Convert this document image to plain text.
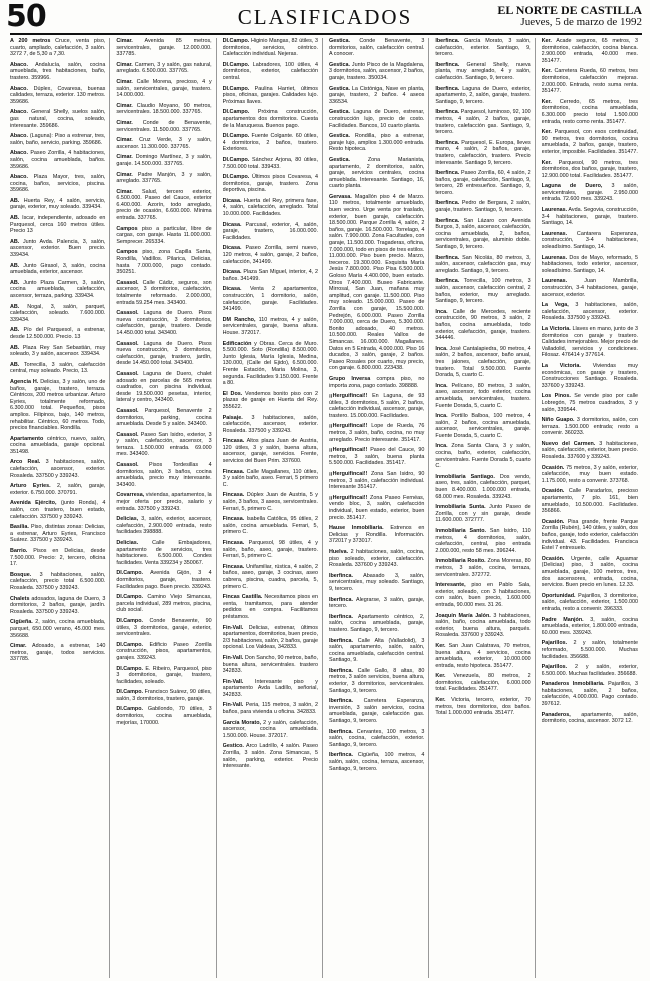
50	CLASIFICADOS	EL NORTE DE CASTILLA
Jueves, 5 de marzo de 1992

A 200 metros Cruce, venta piso, cuarto, ampliado, calefacción, 3 salón. 3272 7, de 5,30 a 7,30.

Abaco. Andalucía, salón, cocina amueblada, tres habitaciones, baño, trastero. 359966.

Abaco. Dúplex, Covaresa, buenas calidades, terraza, exterior. 130 metros. 359686.

Abaco. General Shelly, suelos salón, gas natural, cocina, soleado, interesante. 359686.

Abaco. (Laguna): Piso a estrenar, tres, salón, baño, servicio, parking. 359686.

Abaco. Paseo Zorrilla, 4 habitaciones, salón, cocina amueblada, baños. 359686.

Abaco. Plaza Mayor, tres, salón, cocina, baños, servicios, piscina. 359686.

AB. Huerta Rey, 4 salón, servicio, garaje, exterior, muy soleado. 339434.

AB. Iscar, independiente, adosado en Parquesol, cerca 160 metros útiles. Precio 13

AB. Junto Avda. Palencia, 3, salón, ascensor, exterior. Buen precio. 339434.

AB. Junto Girasol, 3, salón, cocina amueblada, exterior, ascensor.

AB. Junto Plaza Carmen, 3, salón, cocina amueblada, calefacción, ascensor, terraza, parking. 339434.

AB. Nogal, 3, salón, parquet, calefacción, soleado. 7.600.000. 339434.

AB. Pío del Parquesol, a estrenar, desde 12.500.000. Precio. 13

AB. Plaza Rey San Sebastián, muy soleado, 3 y salón, ascensor. 339434.

AB. Torrecilla, 3 salón, calefacción central, muy soleado. Precio, 13.

Agencia H. Delicias, 3 y salón, uno de baños, garaje, trastero, terraza. Céntricos, 200 metros urbanizar. Arturo Eyries, totalmente reformado, 6.300.000 total. Pequeños, pisos amplios. Filipinos, bajo, 140 metros, rehabilitar. Céntrico, 60 metros. Todo, precios financiables. Rondilla.

Apartamento céntrico, nuevo, salón, cocina amueblada, garaje opcional. 351498.

Arco Real. 3 habitaciones, salón, calefacción, ascensor, exterior. Rosaleda. 337500 y 339243.

Arturo Eyries. 2, salón, garaje, exterior. 6.750.000. 370791.

Avenida Ejército, (junto Ronda), 4 salón, con trastero, buen estado, calefacción. 337500 y 339243.

Basilia. Piso, distintas zonas: Delicias, a estrenar, Arturo Eyries, Francisco Suárez. 337500 y 339243.

Barrio. Pisos en Delicias, desde 7.500.000. Precio: 2, tercero, oficina 17.

Bosque. 3 habitaciones, salón, calefacción, precio total 6.500.000. Rosaleda. 337500 y 339243.

Chalets adosados, laguna de Duero, 3 dormitorios, 2 baños, garaje, jardín. Rosaleda. 337500 y 339243.

Cigüeña. 2, salón, cocina amueblada, parquet, 650.000 verano, 45.000 mes. 356688.

Cimar. Adosado, a estrenar, 140 metros, garaje, todos servicios. 337785.

Cimar. Avenida 85 metros, servicentrales, garaje. 12.000.000. 337785.

Cimar. Carmen, 3 y salón, gas natural, arreglado. 6.500.000. 337765.

Cimar. Calle Morena, precioso, 4 y salón, servicentrales, garaje, trastero. 14.000.000.

Cimar. Claudio Moyano, 90 metros, servicentrales. 18.500.000. 337765.

Cimar. Conde de Benavente, servicentrales. 11.500.000. 337765.

Cimar. Cruz Verde, 3 y salón, ascensor. 11.300.000. 337765.

Cimar. Domingo Martínez, 3 y salón, garaje. 14.500.000. 337765.

Cimar. Padre Manjón, 3 y salón, arreglado. 337765.

Cimar. Salud, tercero exterior, 6.500.000. Paseo del Cauce, exterior 6.400.000. Azorín, todo arreglado, precio de ocasión, 6.600.000. Mínima entrada. 337765.

Campos piso a particular, libre de cargas, con garaje. Hasta 11.000.000. Semprecer. 265334.

Campos piso, zona Capilla Santa, Rondilla, Vadillos. Pilarica, Delicias, hasta 7.000.000, pago contado. 350251.

Casasol. Calle Cádiz, seguros, son ascensor, 3 dormitorios, calefacción, totalmente reformado. 2.000.000, entrada 59.254 mes. 343400.

Casasol. Laguna de Duero. Pisos nueva construcción, 3 dormitorios, calefacción, garaje, trastero. Desde 14.450.000 total. 343400.

Casasol. Laguna de Duero. Pisos nueva construcción, 3 dormitorios, calefacción, garaje, trastero, jardín, desde 14.450.000 total. 343400.

Casasol. Laguna de Duero, chalet adosado en parcelas de 565 metros cuadrados, con piscina individual, desde 19.500.000 pesetas, interior, lateral y centro, 343400.

Casasol. Parquesol, Benavente 2 dormitorios, parking, cocina amueblada. Desde 5 y salón. 343400.

Casasol. Paseo San Isidro, exterior, 3 y salón, calefacción, ascensor, 3 terraza. 1.500.000 entrada. 69.000 mes. 343400.

Casasol. Pisos Tordesillas 4 dormitorios, salón, 3 baños, cocina amueblada, precio muy interesante. 343400.

Covarresa, viviendas, apartamentos, la mejor oferta por precio, salario y entrada. 337500 y 339243.

Delicias, 3, salón, exterior, ascensor, calefacción, 2.900.000 entrada, resto facilidades 398888.

Delicias. Calle Embajadores, apartamento de servicios, tres habitaciones. 6.500.000. Condes facilidades. Venta 339234 y 350067.

DI.Campo. Avenida Gijón, 3 4 dormitorios, garaje, trastero. Facilidades pago. Buen precio. 339243.

DI.Campo. Camino Viejo Simancas, parcela individual, 289 metros, piscina, club social.

DI.Campo. Conde Benavente, 90 útiles, 3 dormitorios, garaje, exterior, servicentrales.

DI.Campo. Edificio Paseo Zorrilla construcción, pisos, apartamentos, garajes. 339243.

DI.Campo. E. Ribeiro, Parquesol, piso 3 dormitorios, garaje, trastero, facilidades, soleado.

DI.Campo. Francisco Suárez, 90 útiles, salón, 3 dormitorios, trastero, garaje.

DI.Campo. Gabilondo, 70 útiles, 3 dormitorios, cocina amueblada, mejorías, 170000.

DI.Campo. Higinio Mangas, 82 útiles, 3 dormitorios, servicios, céntrico. Calefacción individual. Nejeras.

DI.Campo. Labradores, 100 útiles, 4 dormitorios, exterior, calefacción central.

DI.Campo. Paulina Harriet, últimos pisos, oficinas, garajes. Calidades lujo. Próximas llaves.

DI.Campo. Próxima construcción, apartamentos dos dormitorios. Cuesta de la Maruquesa. Buenos pago.

DI.Campo. Fuente Colgante. 60 útiles, 4 dormitorios, 2 baños, trastero. Exteriores.

DI.Campo. Sánchez Arjona, 80 útiles, 7.500.000 total. 339433.

DI.Campo. Últimos pisos Covaresa, 4 dormitorios, garaje, trastero. Zona deportiva, piscina.

Dicasa. Huerta del Rey, primera fase, 4, salón, calefacción, arreglado. Total 10.000.000. Facilidades.

Dicasa. Parcusal, exterior, 4, salón, garaje, trastero, 16.000.000. Facilidades.

Dicasa. Paseo Zorrilla, semi nuevo, 120 metros, 4 salón, garaje, 2 baños, calefacción, 341499.

Dicasa. Plaza San Miguel, interior, 4, 2 baños. 341499.

Dicasa. Venta 2 apartamentos, construcción, 1 dormitorio, salón, calefacción, garaje. Facilidades. 341499.

DM Rancho, 110 metros, 4 y salón, servicentrales, garaje, buena altura. House. 372017.

Edificación y Obras. Cerca de Muro. 5.500.000. Soto (Rondilla) 8.500.000. Junto Iglesia, María Iglesia, Medina, 130.000, (Calle del Ejido), 6.500.000. Frente Estación, Maria Molina, 3, segunda. Facilidades 9.150.000. Frente a 80.

El Dos. Vendemos bonito piso con 2 plazas de garaje en Huerta del Rey. 355622.

Paisaje. 3 habitaciones, salón, calefacción, ascensor, exterior. Rosaleda. 337500 y 339243.

Fincasa. Altos plaza Juan de Austria, 120 útiles, 3 y salón, buena altura, ascensor, garaje, servicios. Frente, servicios del Buen Prim. 337600.

Fincasa. Calle Magallanes, 110 útiles, 3 y salón baño, aseo. Ferrari, 5 primero C.

Fincasa. Dúplex Juan de Austria, 5 y salón, 3 baños, 3 aseos, servicentrales. Ferrari, 5, primero C.

Fincasa. Isabella Católica, 95 útiles, 2 salón, cocina amueblada. Ferrari, 5, primero C.

Fincasa. Parquesol, 98 útiles, 4 y salón, baño, aseo, garaje, trastero. Ferrari, 5, primero C.

Fincasa. Unifamiliar, rústica, 4 salón, 2 baños, aseo, garaje, 3 cocinas, aseo cabrera, piscina, cuadra, parcela, 5, primero C.

Fincas Castilla. Necesitamos pisos en venta, tramitamos, para atender pedidos en compra. Facilitamos préstamos.

Fin-Vall. Delicias, estrenar, últimos apartamentos, dormitorios, buen precio, 2/3 habitaciones, salón, 2 baños, garaje opcional. Los Valdeas, 342833.

Fin-Vall. Don Sancho, 90 metros, baño, buena altura, servicentrales. trastero 342833.

Fin-Vall. Interesante piso y apartamento Avda Ladillo, señorial, 342833.

Fin-Vall. Peria, 115 metros, 3 salón, 2 baños, para vivienda u oficina. 342833.

García Morato, 2 y salón, calefacción, ascensor, cocina amueblada. 1.500.000. House. 372017.

Gestico. Arco Ladrillo, 4 salón. Paseo Zorrilla, 3 salón. Zona Simancas, 5 salón, parking, exterior. Precio interesante.

Gestica. Conde Benavente, 3 dormitorios, salón, calefacción central. A conocer.

Gestica. Junto Pisco de la Magdalena, 3 dormitorios, salón, ascensor, 2 baños, garaje, trastero. 350034.

Gestica. La Cistóniga, Nave en planta, garaje, trastero, 2 baños. 4 aseos 336534.

Gestica. Laguna de Duero, estrenar, construcción lujo, precio de costo. Facilidades. Bancos, 10 cuarto planta.

Gestica. Rondilla, piso a estrenar, garaje lujo, amplios 1.300.000 entrada. Resto hipoteca.

Gestica. Zona Marianista, apartamento, 2 dormitorios, salón, garaje, servicios centrales, cocina amueblada. Interesante. Santiago, 16, cuarto planta.

Gervasa. Magallón piso 4 de Marzo. 110 metros, totalmente amueblado, buen vecino. Urge venta por traslado, exterior, buen garaje, calefacción. 18.500.000. Parque Zorrilla 4, salón, 2 baños, garaje. 16.500.000. Torrelago, 4 salón. 7.900.000. Zona Facultades, con garaje, 11.500.000. Tragaderas, oficina, 7.000.000, todo en pisos de tres estilos. 11.000.000. Piso buen precio. Marzo, treceros. 19.300.000. Exquisita María Jesús 7.800.000. Piso Pisa 6.500.000. Goloso María 4.400.000, buen estado. Otros 7.400.000. Buseo Fabricante. Mirrosal, San Juan, mañana muy amplitud, con garaje. 11.500.000. Piso muy soleado. 15.000.000. Paseo de Zorrilla con garaje, 15.500.000. Pedrejón, 6.000.000. Paseo Zorrilla 7.000.000, cerca de Duero, 5.300.000. Bonito adosado, 40 metros. 10.500.000. Reales Vallos de Simancas. 16.000.000. Magallanes. Datos en 5 Entrada, 4.000.000. Piso 16 ducados, 3 salón, garaje, 2 baños. Paseo Rosales por cuarto, muy precio, con garaje. 6.800.000. 223438.

Grupo Inversa compra piso, no importa zona, pago contado. 398888.

¡¡Herguifincai!! En Laguna, de 93 útiles, 3 dormitorios, 5 salón, 2 baños, calefacción individual, ascensor, garaje, trastero. 15.000.000. Facilidades.

¡¡Herguifincai!! Lope de Rueda, 76 metros, 3 salón, baño, cocina, no muy arreglado. Precio interesante. 351417.

¡¡Herguifincai!! Paseo del Cauce, 90 metros, 3 salón, buena planta 5.500.000. Facilidades. 351417.

¡¡Herguifincai!! Zona San Isidro, 90 metros, 3 salón, calefacción individual. Interesante 351417.

¡¡Herguifincai!! Zona Paseo Fernéas, vendo bloc, 3, salón, calefacción individual, buen estado, exterior, buen precio. 351417.

Hause Inmobiliaria. Estrenos en Delicias y Rondilla. Información. 372017 y 373017.

Huelva. 2 habitaciones, salón, cocina, piso soleado, exterior, calefacción. Rosaleda. 337600 y 339243.

Iberfinca. Abasado 3, salón, servicentrales, muy soleado. Santiago, 9, tercero.

Iberfinca. Alegrarse, 3 salón, garaje, tercero.

Iberfinca. Apartamento céntrico, 2, salón, cocina amueblada, garaje, trastero. Santiago, 9, tercero.

Iberfinca. Calle Alta (Valladolid), 3 salón, apartamento, salón, salón, cocina amueblada, calefacción central. Santiago, 9.

Iberfinca. Calle Gallo, 8 altas, 80 metros, 3 salón servicios, buena altura, exterior, 3 dormitorios, servicentrales. Santiago, 9, tercero.

Iberfinca. Carretera Esperanza, inversión, 3 salón servicios, cocina amueblada, garaje, calefacción gas. Santiago, 9, tercero.

Iberfinca. Cervantes, 100 metros, 3 salón, cocina, calefacción, exterior. Santiago, 9, tercero.

Iberfinca. Cigüeña, 100 metros, 4 salón, salón, cocina, terraza, ascensor, Santiago, 9, tercero.

Iberfinca. García Morato, 3 salón, calefacción, exterior. Santiago, 9, tercero.

Iberfinca. General Shelly, nueva planta, muy arreglado, 4 y salón, calefacción. Santiago, 9, tercero.

Iberfinca. Laguna de Duero, exterior, apartamento, 2, salón, garaje, trastero. Santiago, 9, tercero.

Iberfinca. Parquesol, luminoso, 92, 100 metros, 4 salón, 2 baños, garaje, trastero, calefacción gas. Santiago, 9, tercero.

Iberfinca. Parquesol, E. Europa, lleves mano, 4 salón, 2 baños, garaje, trastero, calefacción, trastero. Precio interesante. Santiago 9, tercero.

Iberfinca. Paseo Zorrilla, 60, 4 salón, 2 baños, garaje, calefacción, Santiago, 9, tercero, 28 entresueños. Santiago, 9, tercero.

Iberfinca. Pedro de Bergara, 2 salón, garaje, trastero. Santiago, 9, tercero.

Iberfinca. San Lázaro con Avenida Burgos, 3, salón, ascensor, calefacción, cocina amueblada, 2, baños, servicentrales, garaje, aluminio doble. Santiago, 9, tercero.

Iberfinca. San Nicolás, 80 metros, 3, salón, ascensor, calefacción gas, muy arreglado. Santiago, 9, tercero.

Iberfinca. Torrecilla, 100 metros, 3 salón, ascensor, calefacción central, 2 baños, exterior, muy arreglado. Santiago, 9, tercero.

Inca. Calle de Mercedes, reciente construcción, 90 metros, 3 salón, 2 baños, cocina amueblada, todo exterior, calefacción, garaje, trastero. 344446.

Inca. José Cantalapiedra, 90 metros, 4 salón, 2 baños, ascensor, baño anual, tres jalones, calefacción, garaje, trastero. Total 9.500.000. Fuente Dorada, 5, cuarto C.

Inca. Pelícano, 80 metros, 3 salón, aseo, ascensor, todo exterior, cocina amueblada, servicentrales, trastero. Fuente Dorada, 5, cuarto C.

Inca. Portillo Balboa, 100 metros, 4 salón, 2 baños, cocina amueblada, ascensor, servicentrales, garaje. Fuente Dorada, 5, cuarto C.

Inca. Zona Santa Clara, 3 y salón, cocina, baño, exterior, calefacción, servicentrales. Fuente Dorada 5, cuarto C.

Inmobiliaria Santiago. Dos vendo, aseo, tres, salón, calefacción, parquet, buen 8.400.000. 1.000.000 entrada, 68.000 mes. Rosaleda. 339243.

Inmobiliaria Sunta. Junto Paseo de Zorrilla, con y sin garaje, desde 11.600.000. 372777.

Inmobiliaria Santo. San Isidro, 110 metros, 4 dormitorios, salón, calefacción, central, piso entrada 2.000.000, resto 58 mes. 396244.

Inmobiliaria Rosito. Zona Moreras, 80 metros, 3 salón, cocina, terraza, servicentrales. 372772.

Interesante, piso en Pablo Sala, exterior, soleado, con 3 habitaciones, con salón, buen precio, 1.600.000 entrada, 90.000 mes. 31 26.

Joaquín María Jalón. 3 habitaciones, salón, baño, cocina amueblada, todo exterior, buena altura, parqués. Rosaleda. 337600 y 339243.

Ker. San Juan Calatrava, 70 metros, buena altura, 4 servicios, cocina amueblada, exterior, 10.000.000 entrada, resto hipoteca. 351477.

Ker. Venezuela, 80 metros, 2 dormitorios, calefacción, 6.000.000 total. Facilidades. 351477.

Ker. Victoria, tercero, exterior, 70 metros, tres dormitorios, dos baños. Total 1.000.000 entrada. 351477.

Ker. Acade seguros, 65 metros, 3 dormitorios, calefacción, cocina blanca. 2.900.000 entrada, 40.000 mes. 351477.

Ker. Carretera Rueda, 60 metros, tres dormitorios, calefacción mejoras. 2.000.000. Entrada, resto suma renta. 351477.

Ker. Cerredo, 65 metros, tres dormitorios, cocina amueblada, 6.300.000 precio total 1.500.000 entrada, resto como renta. 351477.

Ker. Parquesol, con esos continuidad, 90 metros, tres dormitorios, cocina amueblada, 2 baños, garaje, trastero, exterior, imposible. Facilidades. 351477.

Ker. Parquesol, 90 metros, tres dormitorios, dos baños, garaje, trastero, 12.900.000 total. Facilidades. 351477.

Laguna de Duero, 3 salón, servicentrales, garaje. 2.950.000 entrada. 72.600 mes. 339243.

Laurenas. Avda. Segovia, construcción, 3-4 habitaciones, garaje, trastero. Santiago, 14.

Laurenas. Cantarera Esperanza, construcción, 3-4 habitaciones, soleadísimo. Santiago, 14.

Laurenas. Dos de Mayo, reformado, 5 habitaciones, todo exterior, ascensor, soleadísimo. Santiago, 14.

Laurenas. Juan Mambrilla, construcción, 3-4 habitaciones, garaje, ascensor, exterior.

La Vega, 3 habitaciones, salón, calefacción, ascensor, exterior. Rosaleda. 337500 y 339243.

La Victoria. Llaves en mano, junto de 3 dormitorios con garaje y trastero. Calidades inmejorables. Mejor precio de Valladolid, servicios y condiciones. Filosaz. 476414 y 377614.

La Victoria. Viviendas muy económicas, con garaje y trastero, Construcciones Santiago. Rosaleda. 337600 y 339243.

Los Pinos. Se vende piso por calle Lobregón, 75 metros cuadrados, 3 y salón, 339544.

Niño Guapo. 3 dormitorios, salón, con terraza. 1.500.000 entrada; resto a convenir. 360233.

Nuevo del Carmen. 3 habitaciones, salón, calefacción, exterior, buen precio. Rosaleda. 337600 y 339243.

Ocasión. 75 metros, 3 y salón, exterior, calefacción, muy buen estado. 1.175.000, resto a convenir. 373768.

Ocasión. Calle Paradarlos, precioso apartamento, 7 plo. 161, bien amueblado, 10.500.000. Facilidades. 356866.

Ocasión. Pisa grande, frente Parque Zorrilla (Rubén), 140 útiles, y salón, dos baños, garaje, todo exterior, calefacción individual. 43. Facilidades. Francisca Estel 7 entresuelo.

Ocasión. Urgente, calle Aguamar (Delicias) piso, 3 salón, cocina amueblada, garaje, 100 metros, tres, dos ascensores, entrada, cocina, servicios. Buen precio en lunes. 12.33.

Oportunidad. Pajarillos, 3 dormitorios, salón, calefacción, exterior, 1.500.000 entrada, resto a convenir. 396333.

Padre Manjón. 3, salón, cocina amueblada, exterior, 1.800.000 entrada, 60.000 mes. 339243.

Pajarillos. 2 y salón, totalmente reformado, 5.500.000. Muchas facilidades. 356688.

Pajarillos. 2 y salón, exterior, 6.500.000. Muchas facilidades. 356688.

Panaderos Inmobiliaria. Pajarillos, 3 habitaciones, salón, 2 baños, calefacción, 4.000.000. Pago contado. 397612.

Panaderos, apartamento, salón, dormitorio, cocina, ascensor. 3072 12.
